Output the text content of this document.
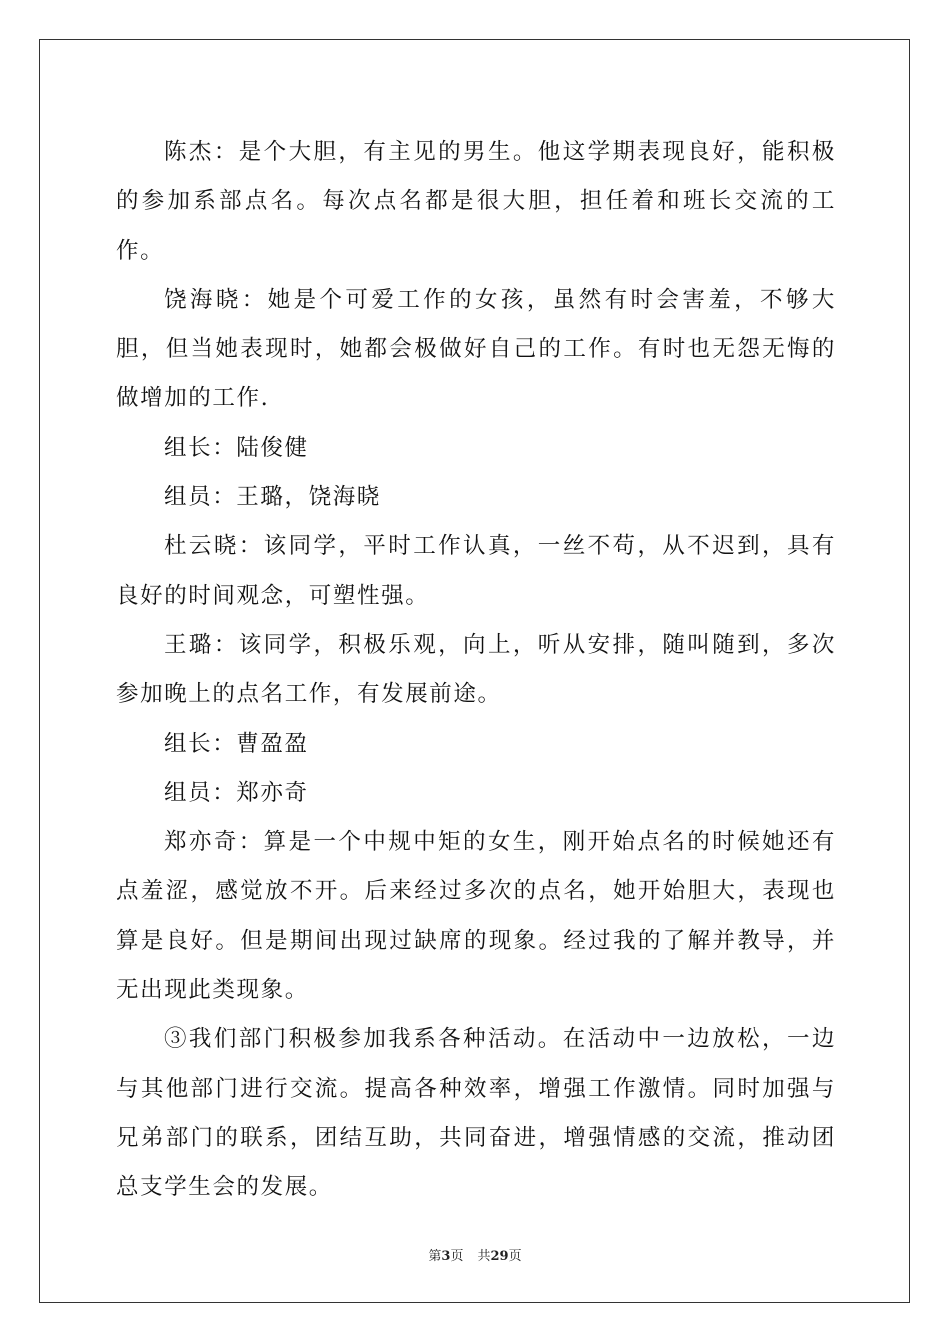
陈杰：是个大胆，有主见的男生。他这学期表现良好，能积极的参加系部点名。每次点名都是很大胆，担任着和班长交流的工作。

饶海晓：她是个可爱工作的女孩，虽然有时会害羞，不够大胆，但当她表现时，她都会极做好自己的工作。有时也无怨无悔的做增加的工作.

组长：陆俊健

组员：王璐，饶海晓

杜云晓：该同学，平时工作认真，一丝不苟，从不迟到，具有良好的时间观念，可塑性强。

王璐：该同学，积极乐观，向上，听从安排，随叫随到，多次参加晚上的点名工作，有发展前途。

组长：曹盈盈

组员：郑亦奇

郑亦奇：算是一个中规中矩的女生，刚开始点名的时候她还有点羞涩，感觉放不开。后来经过多次的点名，她开始胆大，表现也算是良好。但是期间出现过缺席的现象。经过我的了解并教导，并无出现此类现象。

③我们部门积极参加我系各种活动。在活动中一边放松，一边与其他部门进行交流。提高各种效率，增强工作激情。同时加强与兄弟部门的联系，团结互助，共同奋进，增强情感的交流，推动团总支学生会的发展。

第3页 共29页
